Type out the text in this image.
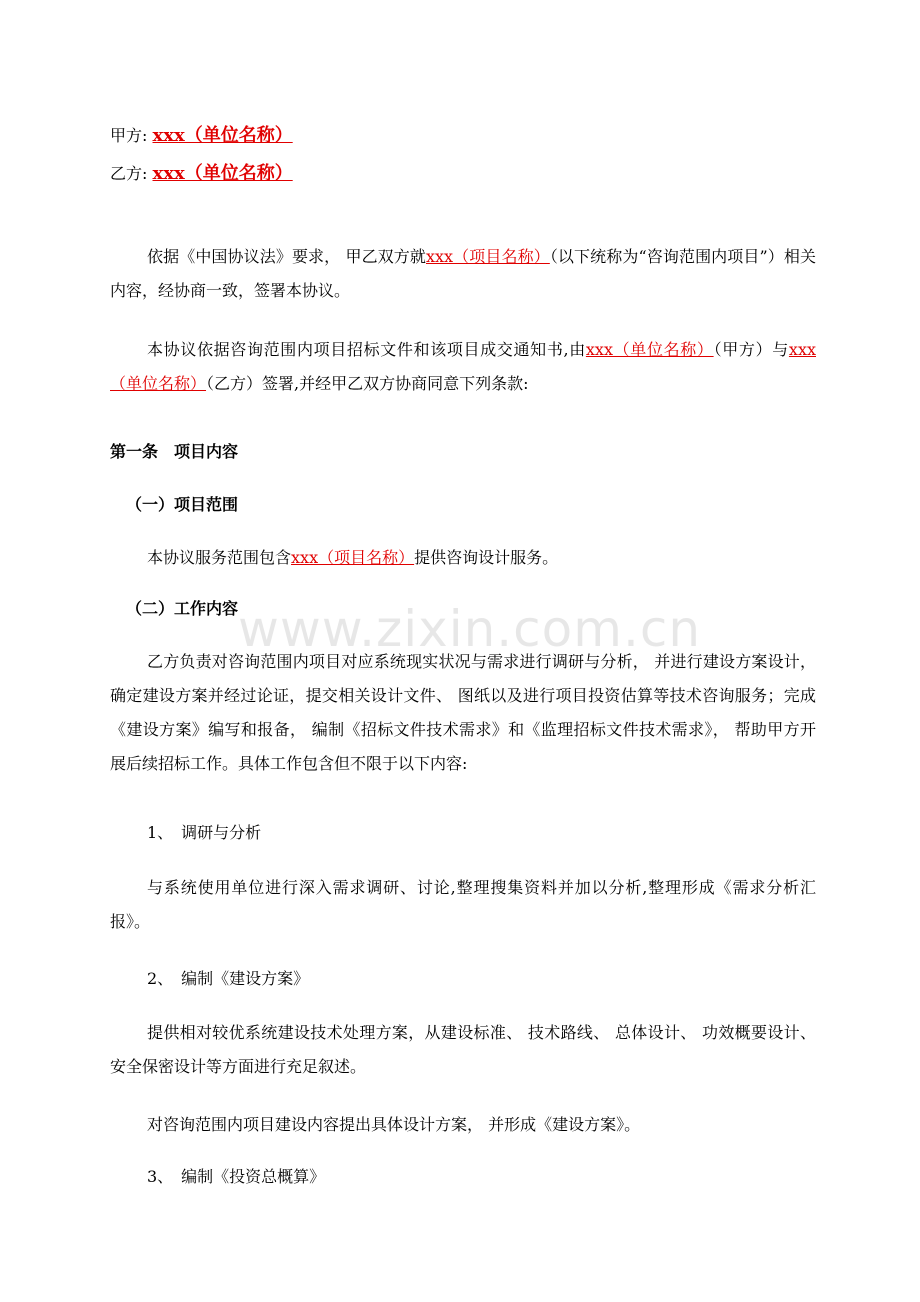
www.zixin.com.cn
甲方: xxx（单位名称）
乙方: xxx（单位名称）
依据《中国协议法》要求， 甲乙双方就xxx（项目名称）（以下统称为“咨询范围内项目”）相关内容，经协商一致，签署本协议。
本协议依据咨询范围内项目招标文件和该项目成交通知书,由xxx（单位名称）（甲方）与xxx（单位名称）（乙方）签署,并经甲乙双方协商同意下列条款:
第一条　项目内容
（一）项目范围
本协议服务范围包含xxx（项目名称）提供咨询设计服务。
（二）工作内容
乙方负责对咨询范围内项目对应系统现实状况与需求进行调研与分析， 并进行建设方案设计，确定建设方案并经过论证，提交相关设计文件、 图纸以及进行项目投资估算等技术咨询服务；完成《建设方案》编写和报备， 编制《招标文件技术需求》和《监理招标文件技术需求》， 帮助甲方开展后续招标工作。具体工作包含但不限于以下内容:
1、　调研与分析
与系统使用单位进行深入需求调研、讨论,整理搜集资料并加以分析,整理形成《需求分析汇报》。
2、　编制《建设方案》
提供相对较优系统建设技术处理方案，从建设标准、 技术路线、 总体设计、 功效概要设计、 安全保密设计等方面进行充足叙述。
对咨询范围内项目建设内容提出具体设计方案， 并形成《建设方案》。
3、　编制《投资总概算》
